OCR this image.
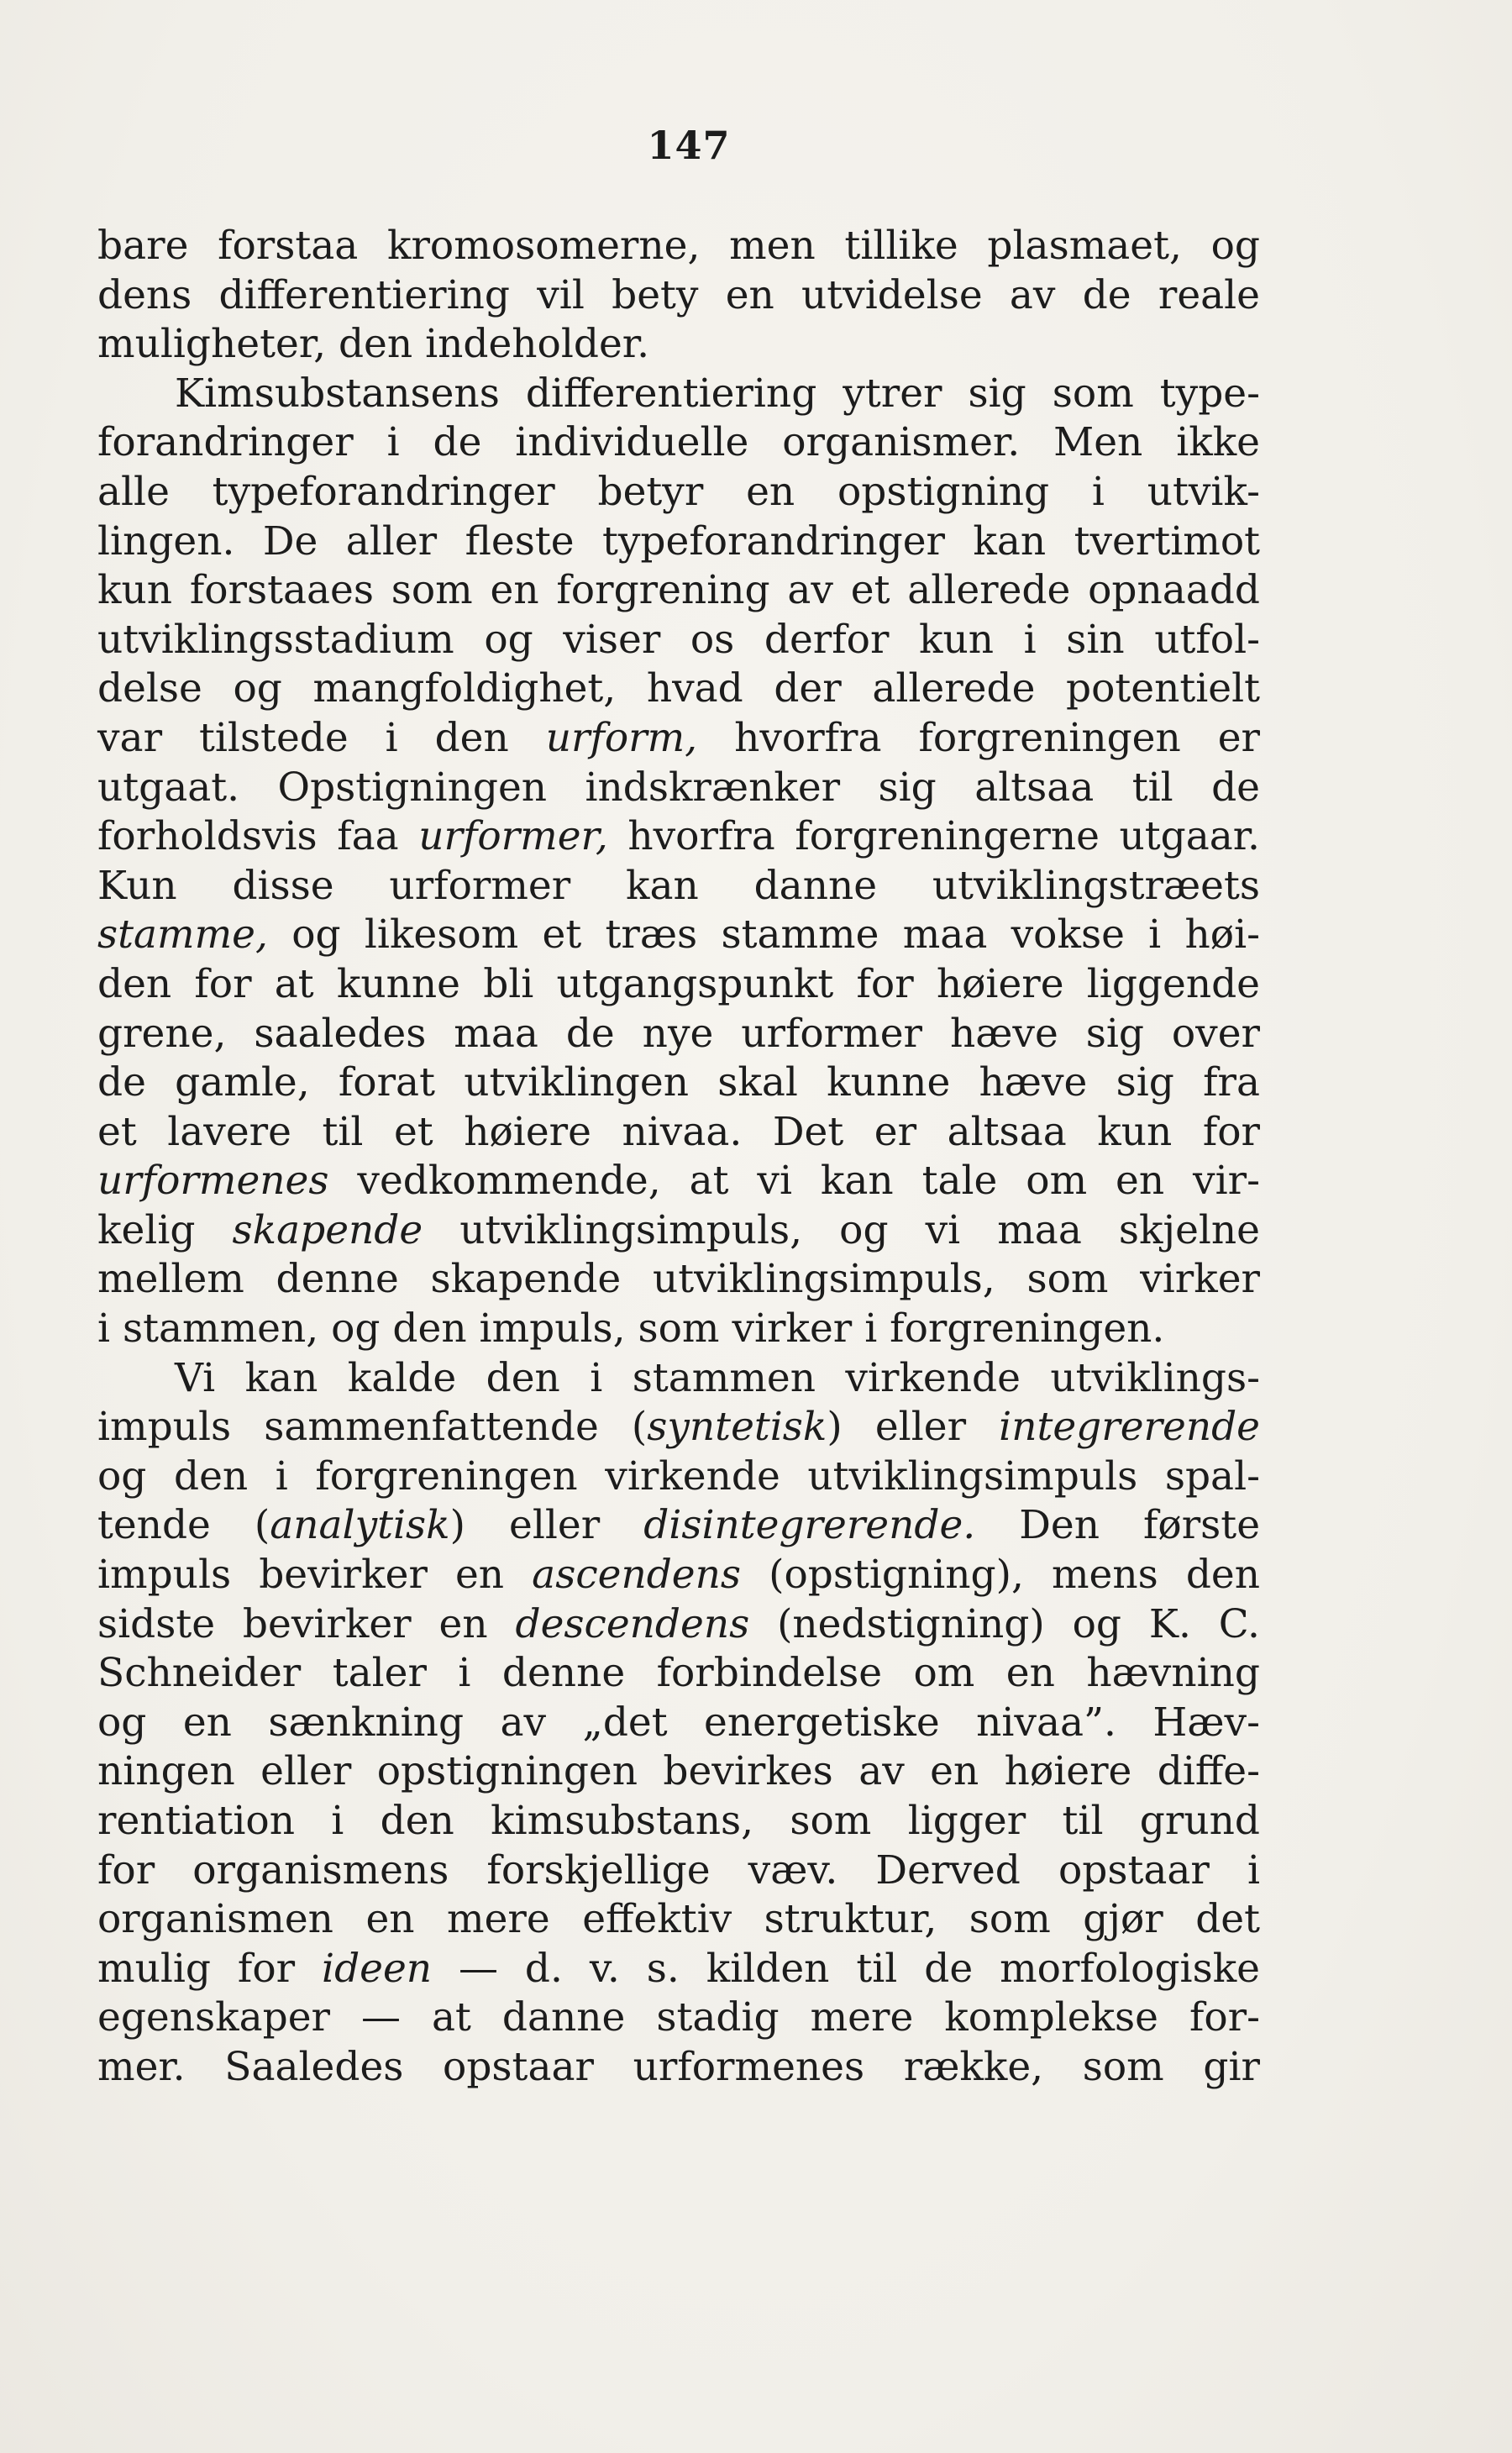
147
bare forstaa kromosomerne, men tillike plasmaet, og
dens differentiering vil bety en utvidelse av de reale
muligheter, den indeholder.
Kimsubstansens differentiering ytrer sig som type-
forandringer i de individuelle organismer. Men ikke
alle typeforandringer betyr en opstigning i utvik-
lingen. De aller fleste typeforandringer kan tvertimot
kun forstaaes som en forgrening av et allerede opnaadd
utviklingsstadium og viser os derfor kun i sin utfol-
delse og mangfoldighet, hvad der allerede potentielt
var tilstede i den urform, hvorfra forgreningen er
utgaat. Opstigningen indskrænker sig altsaa til de
forholdsvis faa urformer, hvorfra forgreningerne utgaar.
Kun disse urformer kan danne utviklingstræets
stamme, og likesom et træs stamme maa vokse i høi-
den for at kunne bli utgangspunkt for høiere liggende
grene, saaledes maa de nye urformer hæve sig over
de gamle, forat utviklingen skal kunne hæve sig fra
et lavere til et høiere nivaa. Det er altsaa kun for
urformenes vedkommende, at vi kan tale om en vir-
kelig skapende utviklingsimpuls, og vi maa skjelne
mellem denne skapende utviklingsimpuls, som virker
i stammen, og den impuls, som virker i forgreningen.
Vi kan kalde den i stammen virkende utviklings-
impuls sammenfattende (syntetisk) eller integrerende
og den i forgreningen virkende utviklingsimpuls spal-
tende (analytisk) eller disintegrerende. Den første
impuls bevirker en ascendens (opstigning), mens den
sidste bevirker en descendens (nedstigning) og K. C.
Schneider taler i denne forbindelse om en hævning
og en sænkning av „det energetiske nivaa”. Hæv-
ningen eller opstigningen bevirkes av en høiere diffe-
rentiation i den kimsubstans, som ligger til grund
for organismens forskjellige væv. Derved opstaar i
organismen en mere effektiv struktur, som gjør det
mulig for ideen — d. v. s. kilden til de morfologiske
egenskaper — at danne stadig mere komplekse for-
mer. Saaledes opstaar urformenes række, som gir
